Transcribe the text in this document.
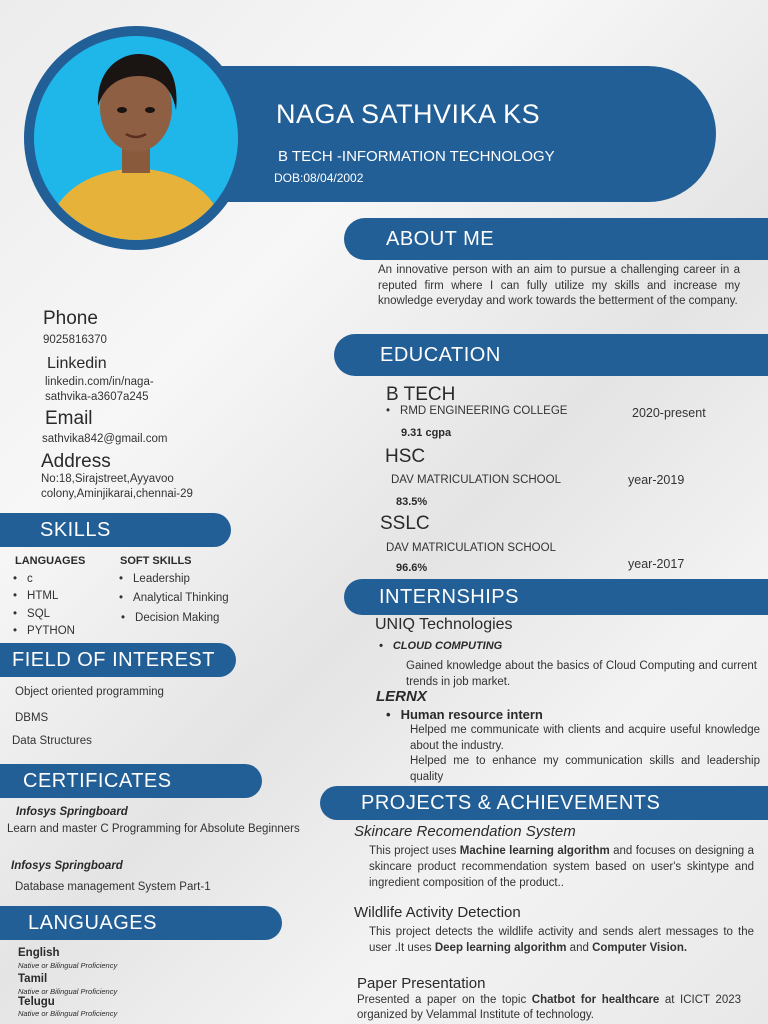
NAGA SATHVIKA KS
B TECH -INFORMATION TECHNOLOGY
DOB:08/04/2002
Phone
9025816370
Linkedin
linkedin.com/in/naga-
sathvika-a3607a245
Email
sathvika842@gmail.com
Address
No:18,Sirajstreet,Ayyavoo
colony,Aminjikarai,chennai-29
SKILLS
LANGUAGES	SOFT SKILLS
• c
• HTML
• SQL
• PYTHON
• Leadership
• Analytical Thinking
• Decision Making
FIELD OF INTEREST
Object oriented programming
DBMS
Data Structures
CERTIFICATES
Infosys Springboard
Learn and master C Programming for Absolute Beginners
Infosys Springboard
Database management System Part-1
LANGUAGES
English
Native or Bilingual Proficiency
Tamil
Native or Bilingual Proficiency
Telugu
Native or Bilingual Proficiency
ABOUT ME
An innovative person with an aim to pursue a challenging career in a reputed firm where I can fully utilize my skills and increase my knowledge everyday and work towards the betterment of the company.
EDUCATION
B TECH
• RMD ENGINEERING COLLEGE	2020-present
9.31 cgpa
HSC
DAV MATRICULATION SCHOOL	year-2019
83.5%
SSLC
DAV MATRICULATION SCHOOL
year-2017
96.6%
INTERNSHIPS
UNIQ Technologies
• CLOUD COMPUTING
Gained knowledge about the basics of Cloud Computing and current trends in job market.
LERNX
• Human resource intern
Helped me communicate with clients and acquire useful knowledge about the industry.
Helped me to enhance my communication skills and leadership quality
PROJECTS & ACHIEVEMENTS
Skincare Recomendation System
This project uses Machine learning algorithm and focuses on designing a skincare product recommendation system based on user's skintype and ingredient composition of the product..
Wildlife Activity Detection
This project detects the wildlife activity and sends alert messages to the user .It uses Deep learning algorithm and Computer Vision.
Paper Presentation
Presented a paper on the topic Chatbot for healthcare at ICICT 2023 organized by Velammal Institute of technology.
